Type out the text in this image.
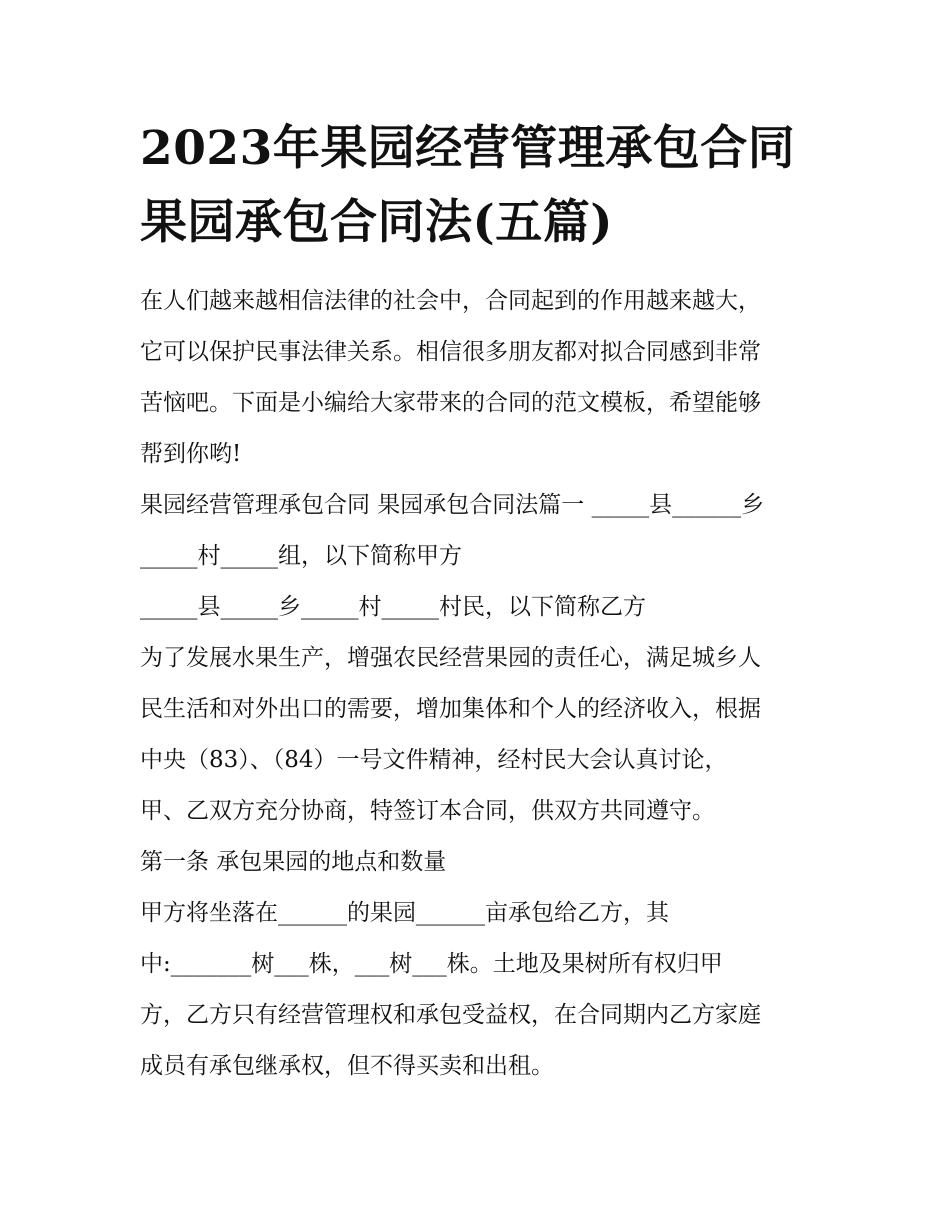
2023年果园经营管理承包合同
果园承包合同法(五篇)
在人们越来越相信法律的社会中，合同起到的作用越来越大，
它可以保护民事法律关系。相信很多朋友都对拟合同感到非常
苦恼吧。下面是小编给大家带来的合同的范文模板，希望能够
帮到你哟!
果园经营管理承包合同 果园承包合同法篇一 _____县______乡
_____村_____组，以下简称甲方
_____县_____乡_____村_____村民，以下简称乙方
为了发展水果生产，增强农民经营果园的责任心，满足城乡人
民生活和对外出口的需要，增加集体和个人的经济收入，根据
中央（83）、（84）一号文件精神，经村民大会认真讨论，
甲、乙双方充分协商，特签订本合同，供双方共同遵守。
第一条 承包果园的地点和数量
甲方将坐落在______的果园______亩承包给乙方，其
中:_______树___株，___树___株。土地及果树所有权归甲
方，乙方只有经营管理权和承包受益权，在合同期内乙方家庭
成员有承包继承权，但不得买卖和出租。
